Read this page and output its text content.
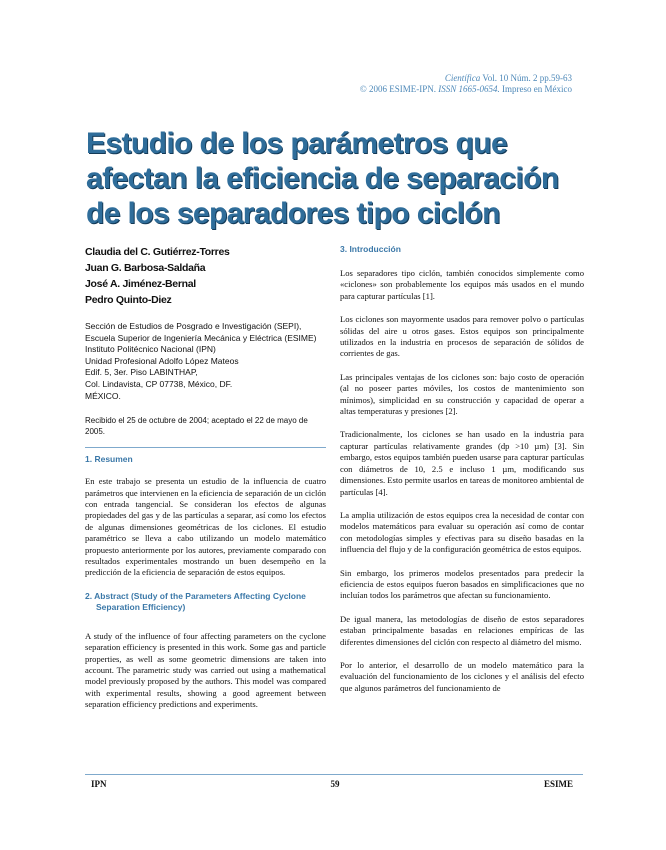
Científica Vol. 10 Núm. 2 pp.59-63
© 2006 ESIME-IPN. ISSN 1665-0654. Impreso en México
Estudio de los parámetros que afectan la eficiencia de separación de los separadores tipo ciclón
Claudia del C. Gutiérrez-Torres
Juan G. Barbosa-Saldaña
José A. Jiménez-Bernal
Pedro Quinto-Diez
Sección de Estudios de Posgrado e Investigación (SEPI),
Escuela Superior de Ingeniería Mecánica y Eléctrica (ESIME)
Instituto Politécnico Nacional (IPN)
Unidad Profesional Adolfo López Mateos
Edif. 5, 3er. Piso LABINTHAP,
Col. Lindavista, CP 07738, México, DF.
MÉXICO.
Recibido el 25 de octubre de 2004; aceptado el 22 de mayo de 2005.
1. Resumen

En este trabajo se presenta un estudio de la influencia de cuatro parámetros que intervienen en la eficiencia de separación de un ciclón con entrada tangencial. Se consideran los efectos de algunas propiedades del gas y de las partículas a separar, así como los efectos de algunas dimensiones geométricas de los ciclones. El estudio paramétrico se lleva a cabo utilizando un modelo matemático propuesto anteriormente por los autores, previamente comparado con resultados experimentales mostrando un buen desempeño en la predicción de la eficiencia de separación de estos equipos.

2. Abstract (Study of the Parameters Affecting Cyclone Separation Efficiency)

A study of the influence of four affecting parameters on the cyclone separation efficiency is presented in this work. Some gas and particle properties, as well as some geometric dimensions are taken into account. The parametric study was carried out using a mathematical model previously proposed by the authors. This model was compared with experimental results, showing a good agreement between separation efficiency predictions and experiments.

3. Introducción

Los separadores tipo ciclón, también conocidos simplemente como «ciclones» son probablemente los equipos más usados en el mundo para capturar partículas [1].

Los ciclones son mayormente usados para remover polvo o partículas sólidas del aire u otros gases. Estos equipos son principalmente utilizados en la industria en procesos de separación de sólidos de corrientes de gas.

Las principales ventajas de los ciclones son: bajo costo de operación (al no poseer partes móviles, los costos de mantenimiento son mínimos), simplicidad en su construcción y capacidad de operar a altas temperaturas y presiones [2].

Tradicionalmente, los ciclones se han usado en la industria para capturar partículas relativamente grandes (dp >10 µm) [3]. Sin embargo, estos equipos también pueden usarse para capturar partículas con diámetros de 10, 2.5 e incluso 1 µm, modificando sus dimensiones. Esto permite usarlos en tareas de monitoreo ambiental de partículas [4].

La amplia utilización de estos equipos crea la necesidad de contar con modelos matemáticos para evaluar su operación así como de contar con metodologías simples y efectivas para su diseño basadas en la influencia del flujo y de la configuración geométrica de estos equipos.

Sin embargo, los primeros modelos presentados para predecir la eficiencia de estos equipos fueron basados en simplificaciones que no incluían todos los parámetros que afectan su funcionamiento.

De igual manera, las metodologías de diseño de estos separadores estaban principalmente basadas en relaciones empíricas de las diferentes dimensiones del ciclón con respecto al diámetro del mismo.

Por lo anterior, el desarrollo de un modelo matemático para la evaluación del funcionamiento de los ciclones y el análisis del efecto que algunos parámetros del funcionamiento de

IPN	59	ESIME
